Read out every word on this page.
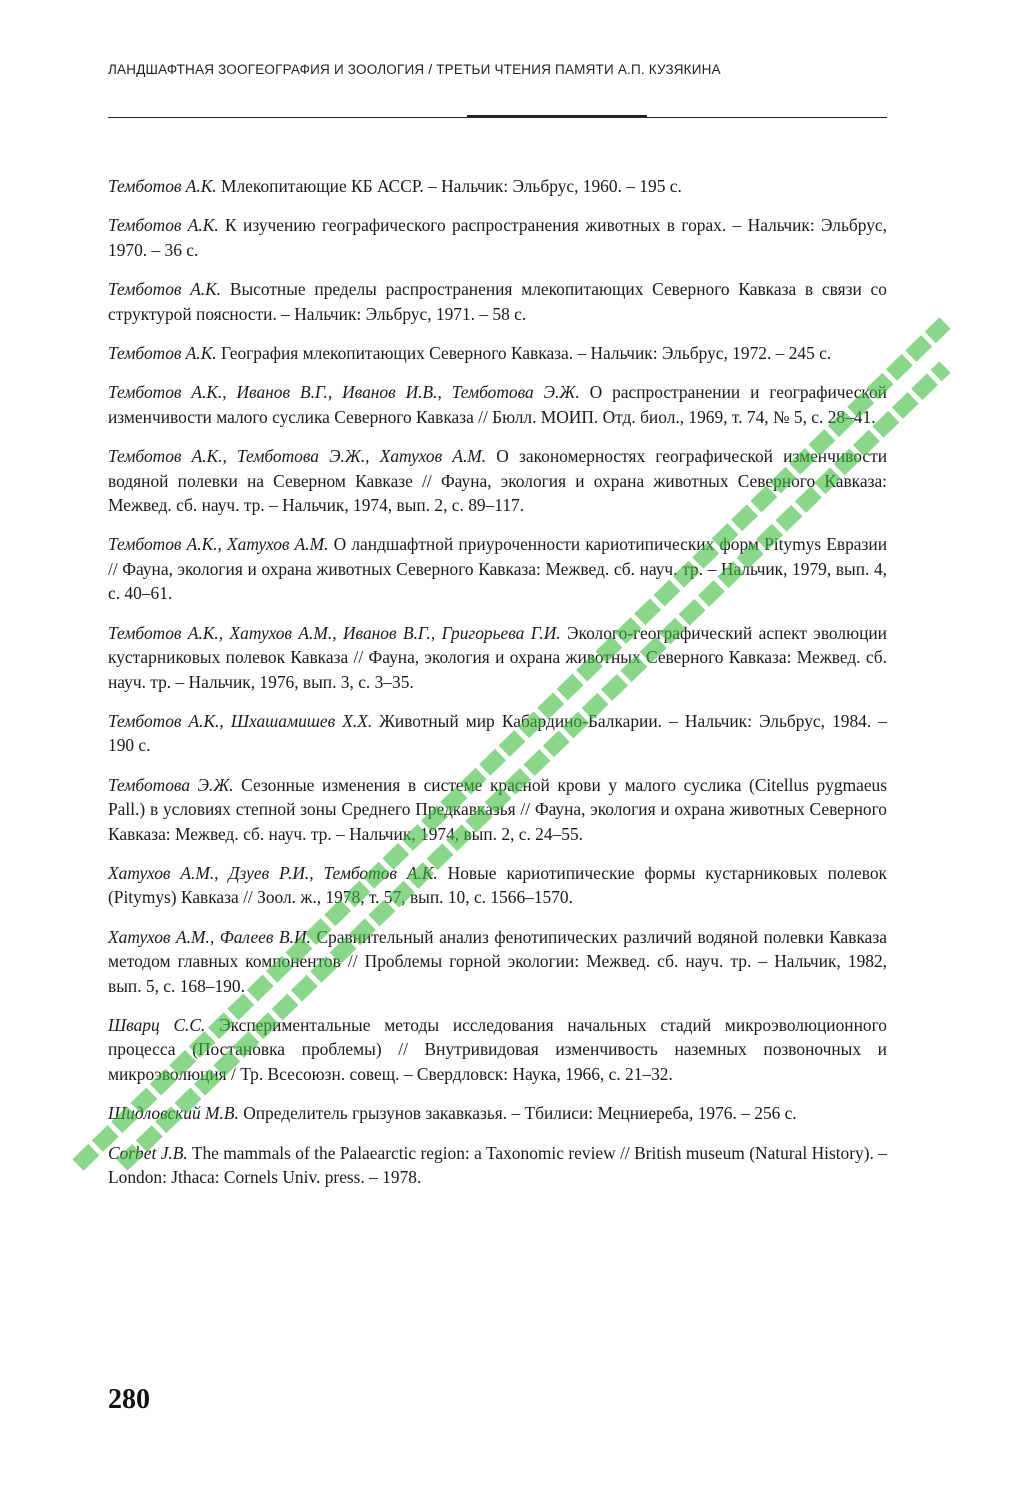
ЛАНДШАФТНАЯ ЗООГЕОГРАФИЯ И ЗООЛОГИЯ / ТРЕТЬИ ЧТЕНИЯ ПАМЯТИ А.П. КУЗЯКИНА

Темботов А.К. Млекопитающие КБ АССР. – Нальчик: Эльбрус, 1960. – 195 с.

Темботов А.К. К изучению географического распространения животных в горах. – Нальчик: Эльбрус, 1970. – 36 с.

Темботов А.К. Высотные пределы распространения млекопитающих Северного Кавказа в связи со структурой поясности. – Нальчик: Эльбрус, 1971. – 58 с.

Темботов А.К. География млекопитающих Северного Кавказа. – Нальчик: Эльбрус, 1972. – 245 с.

Темботов А.К., Иванов В.Г., Иванов И.В., Темботова Э.Ж. О распространении и географической изменчивости малого суслика Северного Кавказа // Бюлл. МОИП. Отд. биол., 1969, т. 74, № 5, с. 28–41.

Темботов А.К., Темботова Э.Ж., Хатухов А.М. О закономерностях географической изменчивости водяной полевки на Северном Кавказе // Фауна, экология и охрана животных Северного Кавказа: Межвед. сб. науч. тр. – Нальчик, 1974, вып. 2, с. 89–117.

Темботов А.К., Хатухов А.М. О ландшафтной приуроченности кариотипических форм Pitymys Евразии // Фауна, экология и охрана животных Северного Кавказа: Межвед. сб. науч. тр. – Нальчик, 1979, вып. 4, с. 40–61.

Темботов А.К., Хатухов А.М., Иванов В.Г., Григорьева Г.И. Эколого-географический аспект эволюции кустарниковых полевок Кавказа // Фауна, экология и охрана животных Северного Кавказа: Межвед. сб. науч. тр. – Нальчик, 1976, вып. 3, с. 3–35.

Темботов А.К., Шхашамишев Х.Х. Животный мир Кабардино-Балкарии. – Нальчик: Эльбрус, 1984. – 190 с.

Темботова Э.Ж. Сезонные изменения в системе красной крови у малого суслика (Citellus pygmaeus Pall.) в условиях степной зоны Среднего Предкавказья // Фауна, экология и охрана животных Северного Кавказа: Межвед. сб. науч. тр. – Нальчик, 1974, вып. 2, с. 24–55.

Хатухов А.М., Дзуев Р.И., Темботов А.К. Новые кариотипические формы кустарниковых полевок (Pitymys) Кавказа // Зоол. ж., 1978, т. 57, вып. 10, с. 1566–1570.

Хатухов А.М., Фалеев В.И. Сравнительный анализ фенотипических различий водяной полевки Кавказа методом главных компонентов // Проблемы горной экологии: Межвед. сб. науч. тр. – Нальчик, 1982, вып. 5, с. 168–190.

Шварц С.С. Экспериментальные методы исследования начальных стадий микроэволюционного процесса (Постановка проблемы) // Внутривидовая изменчивость наземных позвоночных и микроэволюция / Тр. Всесоюзн. совещ. – Свердловск: Наука, 1966, с. 21–32.

Шидловский М.В. Определитель грызунов закавказья. – Тбилиси: Мецниереба, 1976. – 256 с.

Corbet J.B. The mammals of the Palaearctic region: a Taxonomic review // British museum (Natural History). – London: Jthaca: Cornels Univ. press. – 1978.

280
